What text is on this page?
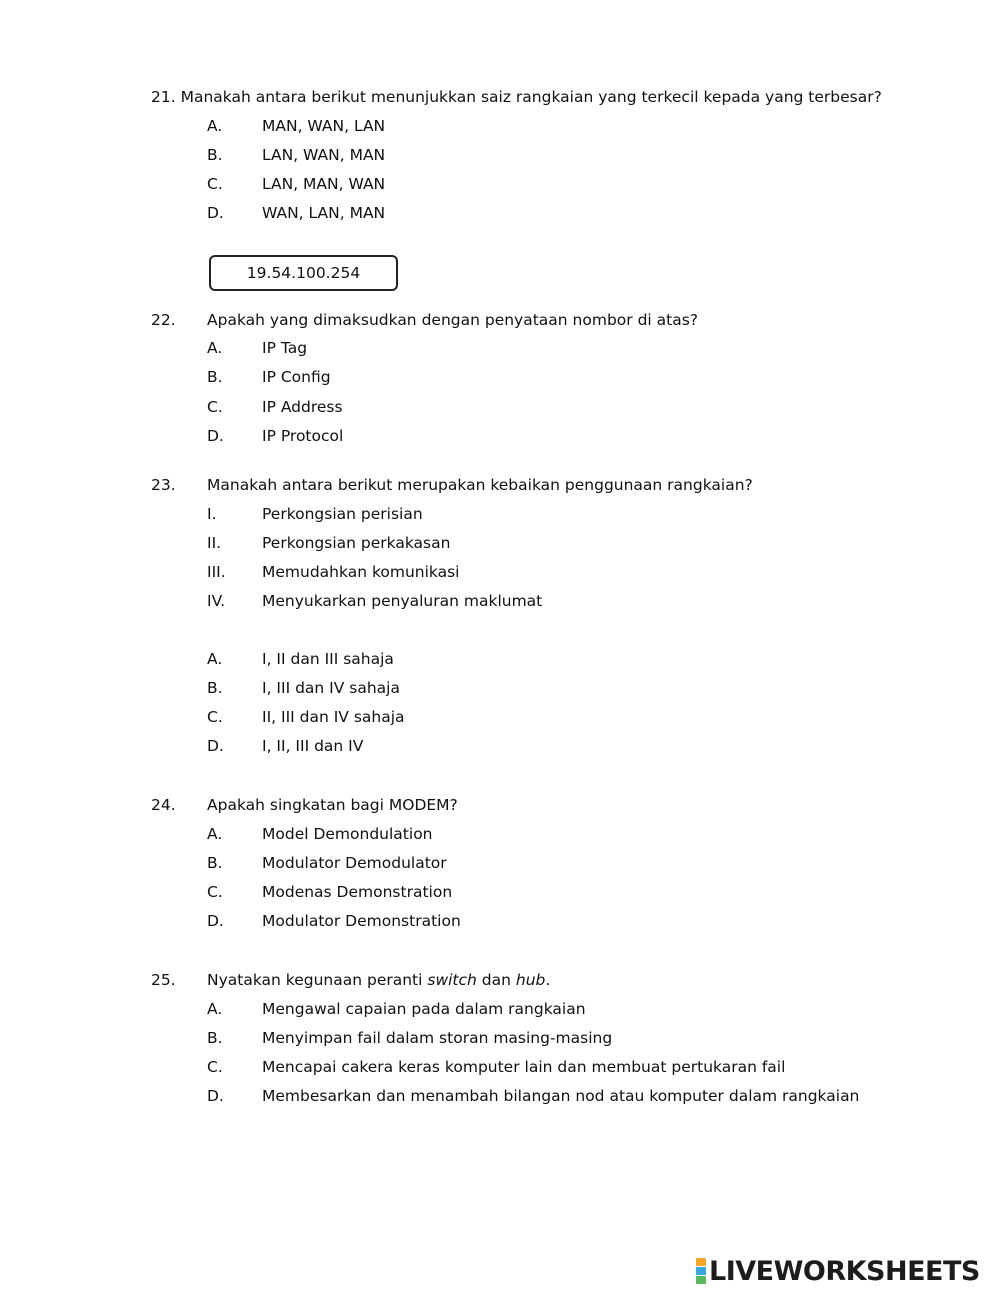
21. Manakah antara berikut menunjukkan saiz rangkaian yang terkecil kepada yang terbesar?
A.	MAN, WAN, LAN
B.	LAN, WAN, MAN
C.	LAN, MAN, WAN
D. WAN, LAN, MAN
19.54.100.254
22. Apakah yang dimaksudkan dengan penyataan nombor di atas?
A.	IP Tag
B.	IP Config
C.	IP Address
D. IP Protocol
23. Manakah antara berikut merupakan kebaikan penggunaan rangkaian?
I.	Perkongsian perisian
II.	Perkongsian perkakasan
III. Memudahkan komunikasi
IV. Menyukarkan penyaluran maklumat
A.	I, II dan III sahaja
B.	I, III dan IV sahaja
C.	II, III dan IV sahaja
D. I, II, III dan IV
24. Apakah singkatan bagi MODEM?
A.	Model Demondulation
B.	Modulator Demodulator
C.	Modenas Demonstration
D. Modulator Demonstration
25. Nyatakan kegunaan peranti switch dan hub.
A.	Mengawal capaian pada dalam rangkaian
B.	Menyimpan fail dalam storan masing-masing
C.	Mencapai cakera keras komputer lain dan membuat pertukaran fail
D. Membesarkan dan menambah bilangan nod atau komputer dalam rangkaian
LIVEWORKSHEETS
